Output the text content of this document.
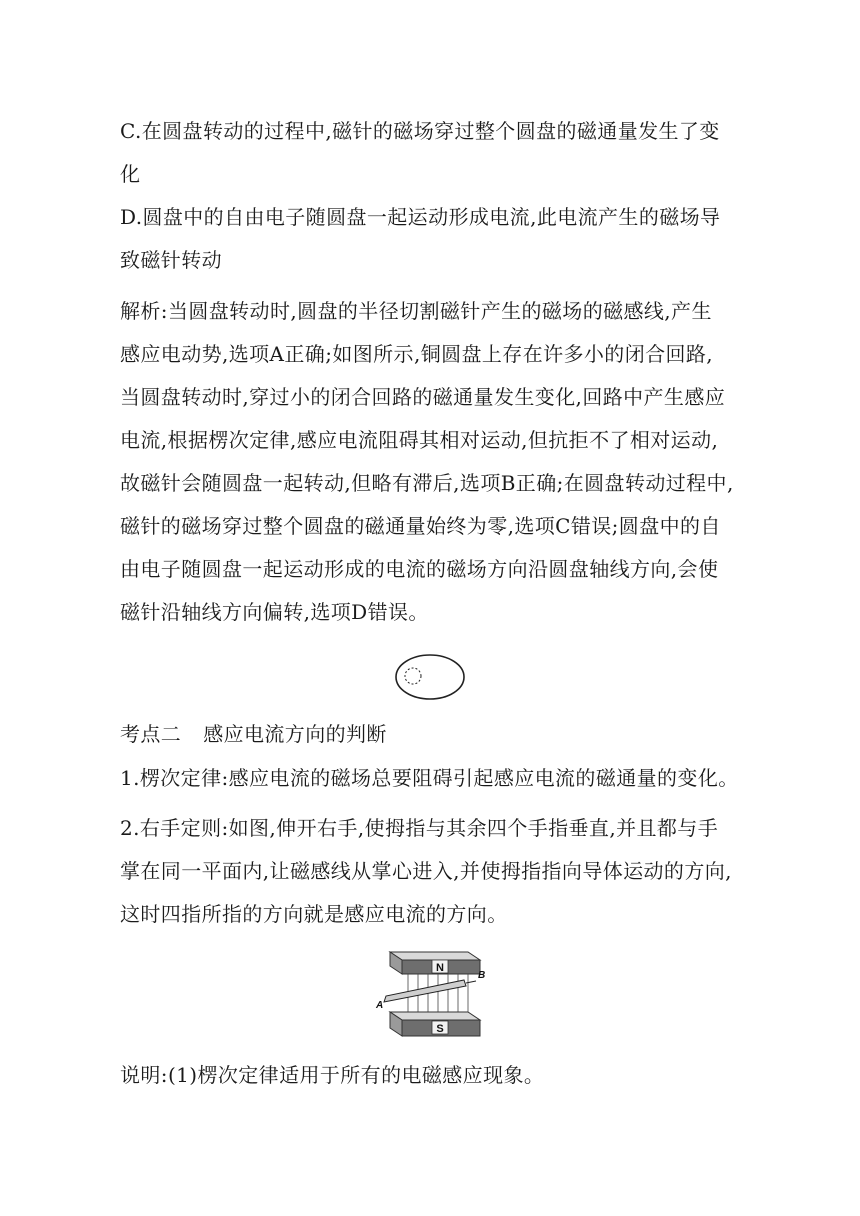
C.在圆盘转动的过程中,磁针的磁场穿过整个圆盘的磁通量发生了变
化
D.圆盘中的自由电子随圆盘一起运动形成电流,此电流产生的磁场导
致磁针转动
解析:当圆盘转动时,圆盘的半径切割磁针产生的磁场的磁感线,产生
感应电动势,选项A正确;如图所示,铜圆盘上存在许多小的闭合回路,
当圆盘转动时,穿过小的闭合回路的磁通量发生变化,回路中产生感应
电流,根据楞次定律,感应电流阻碍其相对运动,但抗拒不了相对运动,
故磁针会随圆盘一起转动,但略有滞后,选项B正确;在圆盘转动过程中,
磁针的磁场穿过整个圆盘的磁通量始终为零,选项C错误;圆盘中的自
由电子随圆盘一起运动形成的电流的磁场方向沿圆盘轴线方向,会使
磁针沿轴线方向偏转,选项D错误。
考点二 感应电流方向的判断
1.楞次定律:感应电流的磁场总要阻碍引起感应电流的磁通量的变化。
2.右手定则:如图,伸开右手,使拇指与其余四个手指垂直,并且都与手
掌在同一平面内,让磁感线从掌心进入,并使拇指指向导体运动的方向,
这时四指所指的方向就是感应电流的方向。
N
A
B
S
说明:(1)楞次定律适用于所有的电磁感应现象。
